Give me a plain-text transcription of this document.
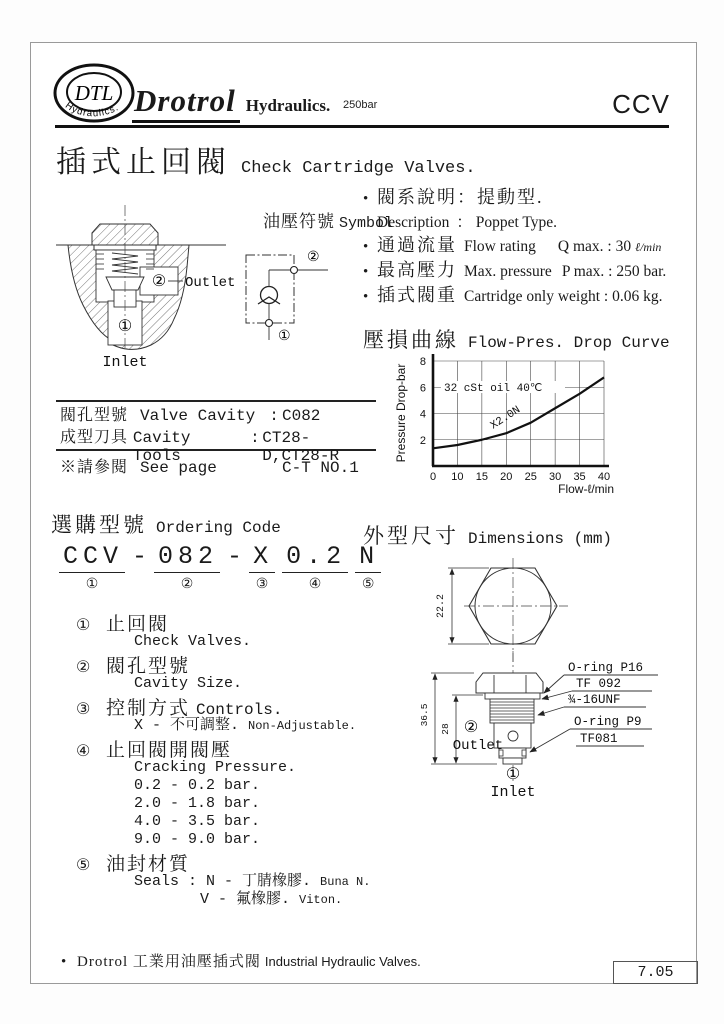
DTL
Hydraulics. Drotrol Hydraulics. 250bar	CCV
插式止回閥 Check Cartridge Valves.
② Outlet
①
Inlet
油壓符號 Symbol
②
①
• 閥系說明：提動型.
Description ： Poppet Type.
• 通過流量 Flow rating Q max. : 30 ℓ/min
• 最高壓力 Max. pressure P max. : 250 bar.
• 插式閥重 Cartridge only weight : 0.06 kg.
壓損曲線 Flow-Pres. Drop Curve
0 10 15 20 25 30 35 40
2
4
6
8
32 cSt oil 40℃
X2.0N
Pressure Drop-bar
Flow-ℓ/min
閥孔型號 Valve Cavity : C082
成型刀具 Cavity Tools
: CT28-D,CT28-R
※請參閱 See page	C-T NO.1
選購型號 Ordering Code
CCV
①
- 082
②
- X
③
0.2
④
N
⑤
① 止回閥
Check Valves.
② 閥孔型號
Cavity Size.
③ 控制方式 Controls.
X - 不可調整. Non-Adjustable.
④ 止回閥開閥壓
Cracking Pressure.
0.2 - 0.2 bar.
2.0 - 1.8 bar.
4.0 - 3.5 bar.
9.0 - 9.0 bar.
⑤ 油封材質
Seals : N - 丁腈橡膠. Buna N.
V - 氟橡膠. Viton.
外型尺寸 Dimensions (mm)
22.2
36.5
28
O-ring P16
TF 092
¾-16UNF
O-ring P9
TF081
②
Outlet
①
Inlet
• Drotrol 工業用油壓插式閥 Industrial Hydraulic Valves.
7.05
